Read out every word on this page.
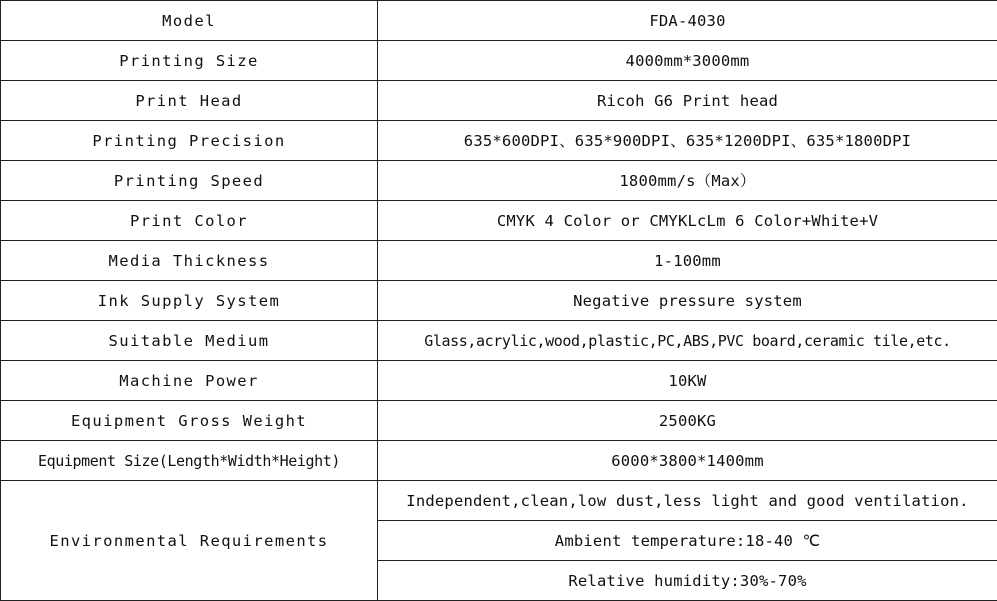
Model	FDA-4030
Printing Size	4000mm*3000mm
Print Head	Ricoh G6 Print head
Printing Precision	635*600DPI、635*900DPI、635*1200DPI、635*1800DPI
Printing Speed	1800mm/s（Max）
Print Color	CMYK 4 Color or CMYKLcLm 6 Color+White+V
Media Thickness	1-100mm
Ink Supply System	Negative pressure system
Suitable Medium	Glass,acrylic,wood,plastic,PC,ABS,PVC board,ceramic tile,etc.
Machine Power	10KW
Equipment Gross Weight	2500KG
Equipment Size(Length*Width*Height)	6000*3800*1400mm
Environmental Requirements	Independent,clean,low dust,less light and good ventilation.
	Ambient temperature:18-40 ℃
	Relative humidity:30%-70%
